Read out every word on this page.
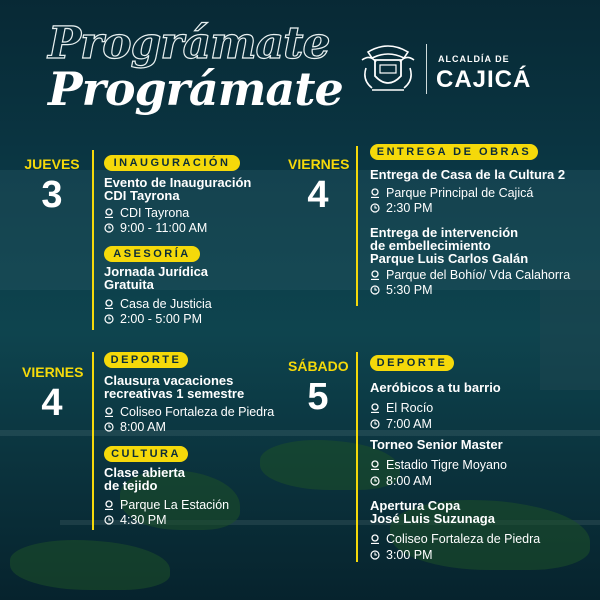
Prográmate
Prográmate
ALCALDÍA DE
CAJICÁ
JUEVES
3
INAUGURACIÓN
Evento de Inauguración
CDI Tayrona
CDI Tayrona
9:00 - 11:00 AM
ASESORÍA
Jornada Jurídica
Gratuita
Casa de Justicia
2:00 - 5:00 PM
VIERNES
4
ENTREGA DE OBRAS
Entrega de Casa de la Cultura 2
Parque Principal de Cajicá
2:30 PM
Entrega de intervención
de embellecimiento
Parque Luis Carlos Galán
Parque del Bohío/ Vda Calahorra
5:30 PM
VIERNES
4
DEPORTE
Clausura vacaciones
recreativas 1 semestre
Coliseo Fortaleza de Piedra
8:00 AM
CULTURA
Clase abierta
de tejido
Parque La Estación
4:30 PM
SÁBADO
5
DEPORTE
Aeróbicos a tu barrio
El Rocío
7:00 AM
Torneo Senior Master
Estadio Tigre Moyano
8:00 AM
Apertura Copa
José Luis Suzunaga
Coliseo Fortaleza de Piedra
3:00 PM
